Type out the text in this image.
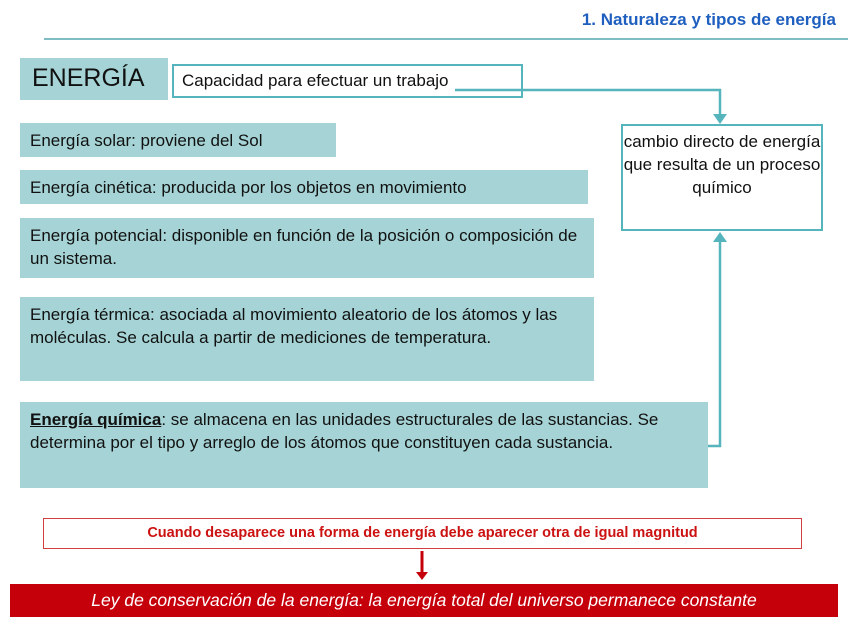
1. Naturaleza y tipos de energía
ENERGÍA	Capacidad para efectuar un trabajo
Energía solar: proviene del Sol
Energía cinética: producida por los objetos en movimiento
Energía potencial: disponible en función de la posición o composición de un sistema.
Energía térmica: asociada al movimiento aleatorio de los átomos y las moléculas. Se calcula a partir de mediciones de temperatura.
Energía química: se almacena en las unidades estructurales de las sustancias. Se determina por el tipo y arreglo de los átomos que constituyen cada sustancia.
cambio directo de energía que resulta de un proceso químico
Cuando desaparece una forma de energía debe aparecer otra de igual magnitud
Ley de conservación de la energía: la energía total del universo permanece constante
